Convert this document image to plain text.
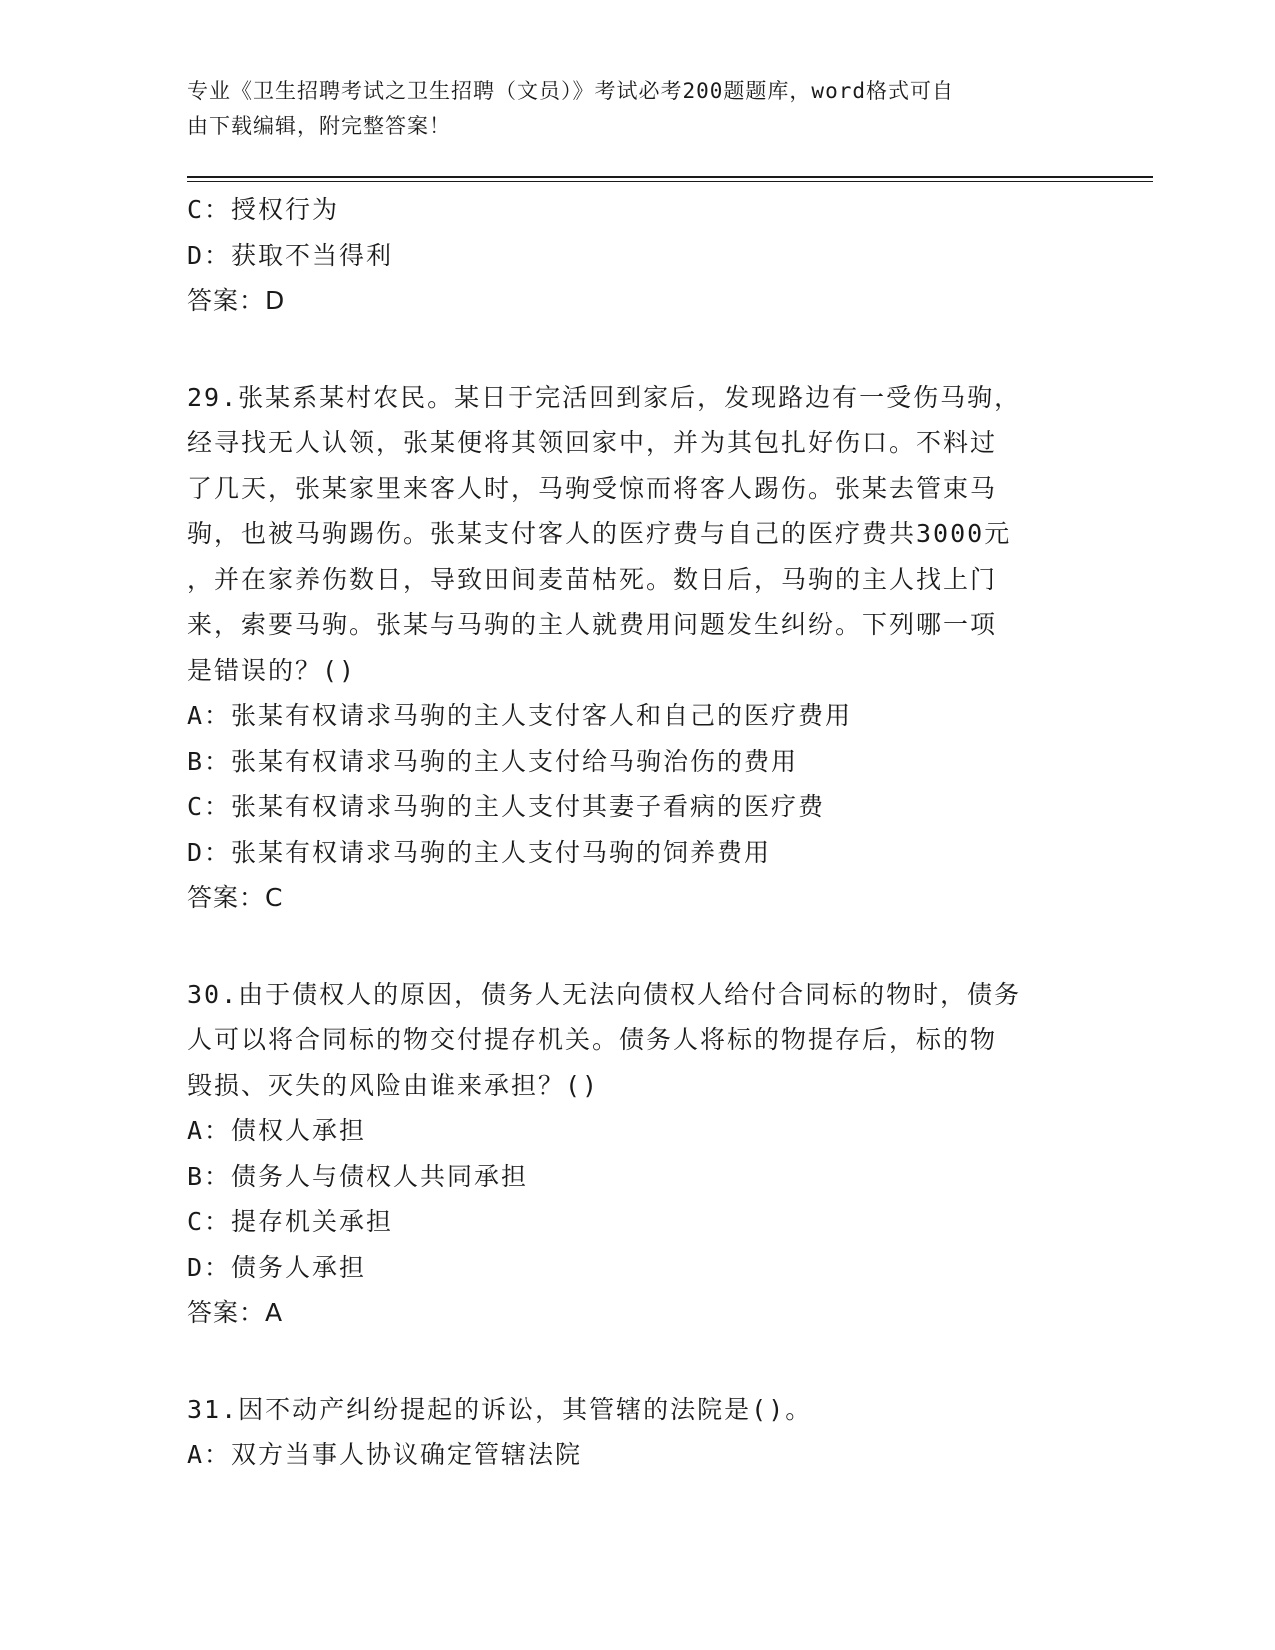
专业《卫生招聘考试之卫生招聘（文员）》考试必考200题题库，word格式可自
由下载编辑，附完整答案！
C：授权行为
D：获取不当得利
答案：D
29.张某系某村农民。某日于完活回到家后，发现路边有一受伤马驹，
经寻找无人认领，张某便将其领回家中，并为其包扎好伤口。不料过
了几天，张某家里来客人时，马驹受惊而将客人踢伤。张某去管束马
驹，也被马驹踢伤。张某支付客人的医疗费与自己的医疗费共3000元
，并在家养伤数日，导致田间麦苗枯死。数日后，马驹的主人找上门
来，索要马驹。张某与马驹的主人就费用问题发生纠纷。下列哪一项
是错误的？()
A：张某有权请求马驹的主人支付客人和自己的医疗费用
B：张某有权请求马驹的主人支付给马驹治伤的费用
C：张某有权请求马驹的主人支付其妻子看病的医疗费
D：张某有权请求马驹的主人支付马驹的饲养费用
答案：C
30.由于债权人的原因，债务人无法向债权人给付合同标的物时，债务
人可以将合同标的物交付提存机关。债务人将标的物提存后，标的物
毁损、灭失的风险由谁来承担？()
A：债权人承担
B：债务人与债权人共同承担
C：提存机关承担
D：债务人承担
答案：A
31.因不动产纠纷提起的诉讼，其管辖的法院是()。
A：双方当事人协议确定管辖法院
